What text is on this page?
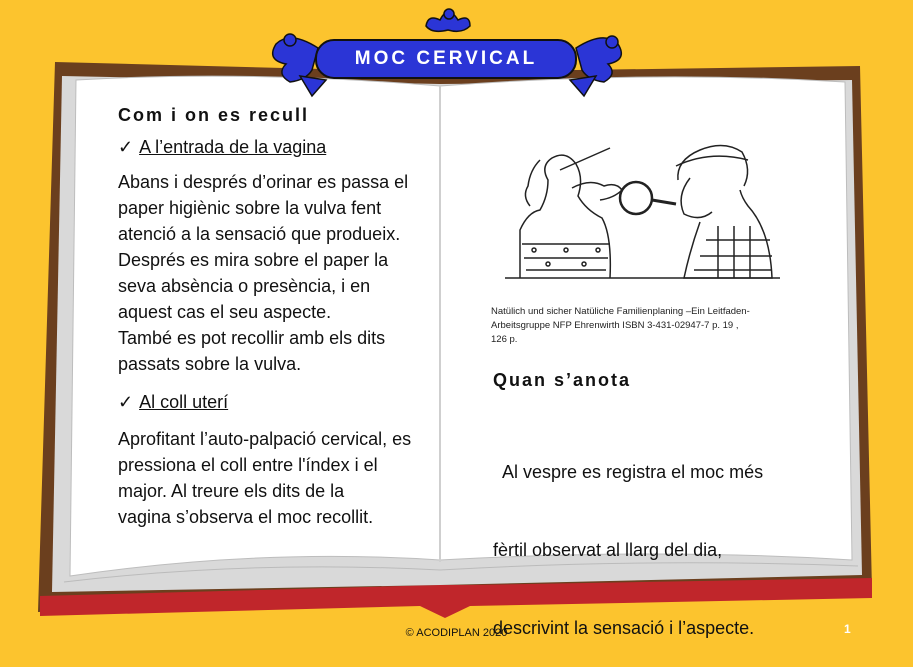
MOC CERVICAL
Com i on es recull
✓ A l’entrada de la vagina
Abans i després d’orinar es passa el
paper higiènic sobre la vulva fent
atenció a la sensació que produeix.
Després es mira sobre el paper la
seva absència o presència, i en
aquest cas el seu aspecte.
També es pot recollir amb els dits
passats sobre la vulva.
✓ Al coll uterí
Aprofitant l’auto-palpació cervical, es
pressiona el coll entre l'índex i el
major. Al treure els dits de la
vagina s’observa el moc recollit.
Natülich und sicher Natüliche Familienplaning –Ein Leitfaden-
Arbeitsgruppe NFP Ehrenwirth ISBN 3-431-02947-7 p. 19 ,
126 p.
Quan s’anota

Al vespre es registra el moc més

fèrtil observat al llarg del dia,

descrivint la sensació i l’aspecte.

© ACODIPLAN 2020	1
